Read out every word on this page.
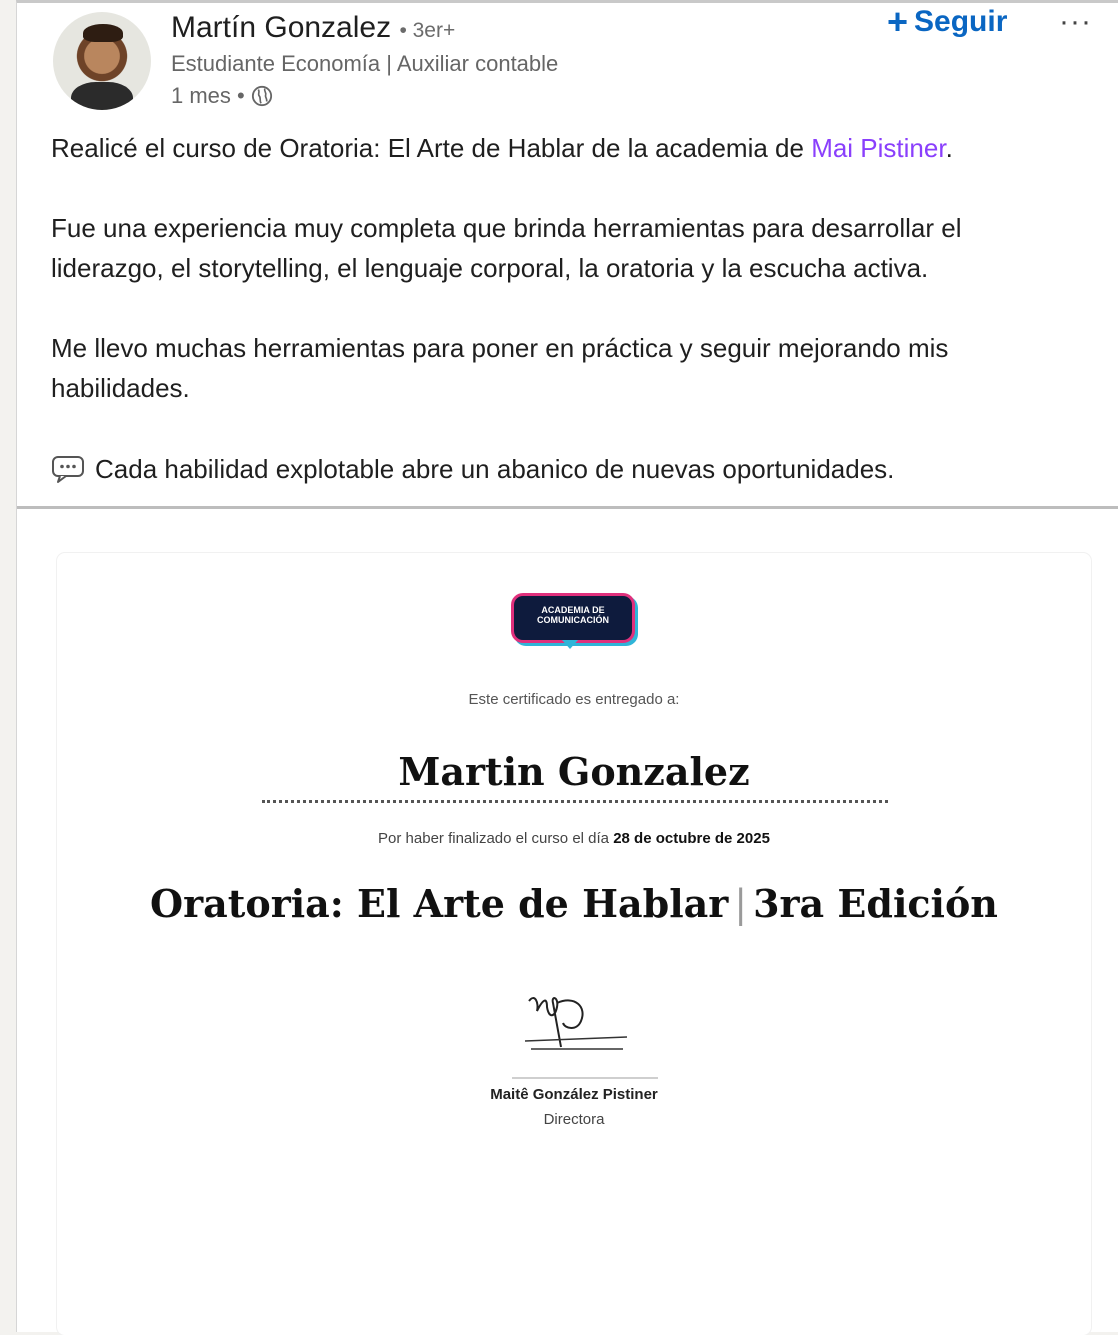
Martín Gonzalez • 3er+
Estudiante Economía | Auxiliar contable
1 mes •
+ Seguir ···
Realicé el curso de Oratoria: El Arte de Hablar de la academia de Mai Pistiner.
Fue una experiencia muy completa que brinda herramientas para desarrollar el liderazgo, el storytelling, el lenguaje corporal, la oratoria y la escucha activa.
Me llevo muchas herramientas para poner en práctica y seguir mejorando mis habilidades.
Cada habilidad explotable abre un abanico de nuevas oportunidades.
ACADEMIA DE
COMUNICACIÓN
Este certificado es entregado a:
Martin Gonzalez
Por haber finalizado el curso el día 28 de octubre de 2025
Oratoria: El Arte de Hablar | 3ra Edición
Maitê González Pistiner
Directora
